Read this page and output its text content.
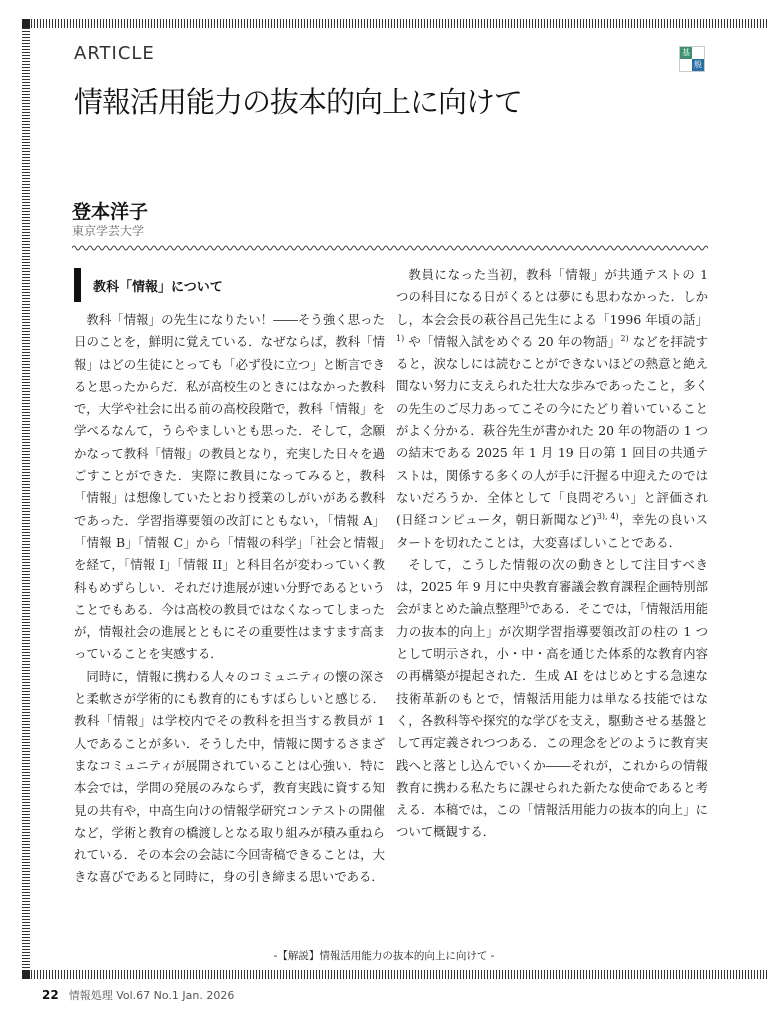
ARTICLE	基
般
情報活用能力の抜本的向上に向けて
登本洋子
東京学芸大学
教科「情報」について

教科「情報」の先生になりたい！――そう強く思った日のことを，鮮明に覚えている．なぜならば，教科「情報」はどの生徒にとっても「必ず役に立つ」と断言できると思ったからだ．私が高校生のときにはなかった教科で，大学や社会に出る前の高校段階で，教科「情報」を学べるなんて，うらやましいとも思った．そして，念願かなって教科「情報」の教員となり，充実した日々を過ごすことができた．実際に教員になってみると，教科「情報」は想像していたとおり授業のしがいがある教科であった．学習指導要領の改訂にともない，「情報 A」「情報 B」「情報 C」から「情報の科学」「社会と情報」を経て，「情報 I」「情報 II」と科目名が変わっていく教科もめずらしい．それだけ進展が速い分野であるということでもある．今は高校の教員ではなくなってしまったが，情報社会の進展とともにその重要性はますます高まっていることを実感する．

同時に，情報に携わる人々のコミュニティの懐の深さと柔軟さが学術的にも教育的にもすばらしいと感じる．教科「情報」は学校内でその教科を担当する教員が 1 人であることが多い．そうした中，情報に関するさまざまなコミュニティが展開されていることは心強い．特に本会では，学問の発展のみならず，教育実践に資する知見の共有や，中高生向けの情報学研究コンテストの開催など，学術と教育の橋渡しとなる取り組みが積み重ねられている．その本会の会誌に今回寄稿できることは，大きな喜びであると同時に，身の引き締まる思いである．

教員になった当初，教科「情報」が共通テストの 1 つの科目になる日がくるとは夢にも思わなかった．しかし，本会会長の萩谷昌己先生による「1996 年頃の話」$^{1)}$ や「情報入試をめぐる 20 年の物語」$^{2)}$ などを拝読すると，涙なしには読むことができないほどの熱意と絶え間ない努力に支えられた壮大な歩みであったこと，多くの先生のご尽力あってこその今にたどり着いていることがよく分かる．萩谷先生が書かれた 20 年の物語の 1 つの結末である 2025 年 1 月 19 日の第 1 回目の共通テストは，関係する多くの人が手に汗握る中迎えたのではないだろうか．全体として「良問ぞろい」と評価され(日経コンピュータ，朝日新聞など)$^{3), 4)}$，幸先の良いスタートを切れたことは，大変喜ばしいことである．

そして，こうした情報の次の動きとして注目すべきは，2025 年 9 月に中央教育審議会教育課程企画特別部会がまとめた論点整理$^{5)}$である．そこでは，「情報活用能力の抜本的向上」が次期学習指導要領改訂の柱の 1 つとして明示され，小・中・高を通じた体系的な教育内容の再構築が提起された．生成 AI をはじめとする急速な技術革新のもとで，情報活用能力は単なる技能ではなく，各教科等や探究的な学びを支え，駆動させる基盤として再定義されつつある．この理念をどのように教育実践へと落とし込んでいくか――それが，これからの情報教育に携わる私たちに課せられた新たな使命であると考える．本稿では，この「情報活用能力の抜本的向上」について概観する．

-【解説】情報活用能力の抜本的向上に向けて -
22 情報処理 Vol.67 No.1 Jan. 2026
